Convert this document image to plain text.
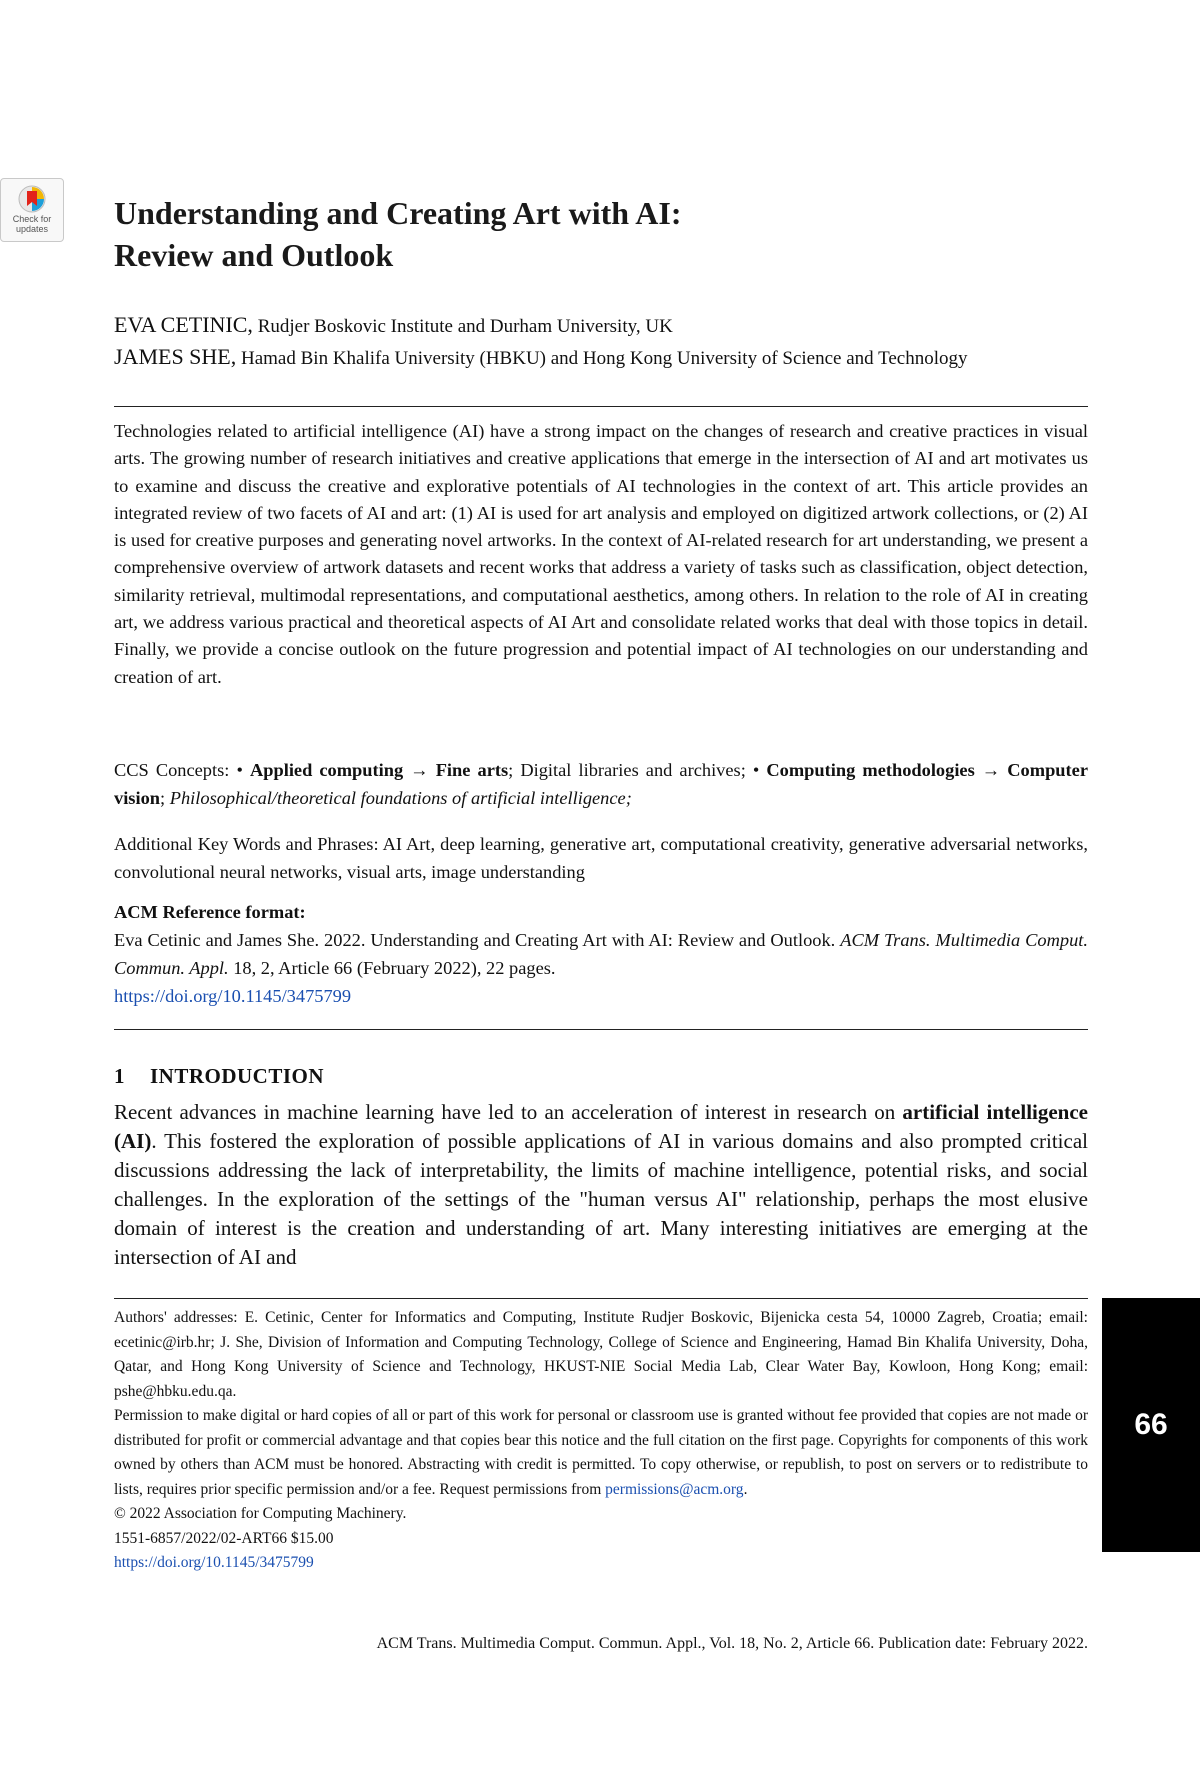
Check for
updates	Understanding and Creating Art with AI:
Review and Outlook
EVA CETINIC, Rudjer Boskovic Institute and Durham University, UK
JAMES SHE, Hamad Bin Khalifa University (HBKU) and Hong Kong University of Science and Technology

Technologies related to artificial intelligence (AI) have a strong impact on the changes of research and creative practices in visual arts. The growing number of research initiatives and creative applications that emerge in the intersection of AI and art motivates us to examine and discuss the creative and explorative potentials of AI technologies in the context of art. This article provides an integrated review of two facets of AI and art: (1) AI is used for art analysis and employed on digitized artwork collections, or (2) AI is used for creative purposes and generating novel artworks. In the context of AI-related research for art understanding, we present a comprehensive overview of artwork datasets and recent works that address a variety of tasks such as classification, object detection, similarity retrieval, multimodal representations, and computational aesthetics, among others. In relation to the role of AI in creating art, we address various practical and theoretical aspects of AI Art and consolidate related works that deal with those topics in detail. Finally, we provide a concise outlook on the future progression and potential impact of AI technologies on our understanding and creation of art.

CCS Concepts: • Applied computing → Fine arts; Digital libraries and archives; • Computing methodologies → Computer vision; Philosophical/theoretical foundations of artificial intelligence;

Additional Key Words and Phrases: AI Art, deep learning, generative art, computational creativity, generative adversarial networks, convolutional neural networks, visual arts, image understanding

ACM Reference format:
Eva Cetinic and James She. 2022. Understanding and Creating Art with AI: Review and Outlook. ACM Trans. Multimedia Comput. Commun. Appl. 18, 2, Article 66 (February 2022), 22 pages.
https://doi.org/10.1145/3475799
1 INTRODUCTION

Recent advances in machine learning have led to an acceleration of interest in research on artificial intelligence (AI). This fostered the exploration of possible applications of AI in various domains and also prompted critical discussions addressing the lack of interpretability, the limits of machine intelligence, potential risks, and social challenges. In the exploration of the settings of the "human versus AI" relationship, perhaps the most elusive domain of interest is the creation and understanding of art. Many interesting initiatives are emerging at the intersection of AI and

Authors' addresses: E. Cetinic, Center for Informatics and Computing, Institute Rudjer Boskovic, Bijenicka cesta 54, 10000 Zagreb, Croatia; email: ecetinic@irb.hr; J. She, Division of Information and Computing Technology, College of Science and Engineering, Hamad Bin Khalifa University, Doha, Qatar, and Hong Kong University of Science and Technology, HKUST-NIE Social Media Lab, Clear Water Bay, Kowloon, Hong Kong; email: pshe@hbku.edu.qa.
Permission to make digital or hard copies of all or part of this work for personal or classroom use is granted without fee provided that copies are not made or distributed for profit or commercial advantage and that copies bear this notice and the full citation on the first page. Copyrights for components of this work owned by others than ACM must be honored. Abstracting with credit is permitted. To copy otherwise, or republish, to post on servers or to redistribute to lists, requires prior specific permission and/or a fee. Request permissions from permissions@acm.org.
© 2022 Association for Computing Machinery.
1551-6857/2022/02-ART66 $15.00
https://doi.org/10.1145/3475799
ACM Trans. Multimedia Comput. Commun. Appl., Vol. 18, No. 2, Article 66. Publication date: February 2022.
66
